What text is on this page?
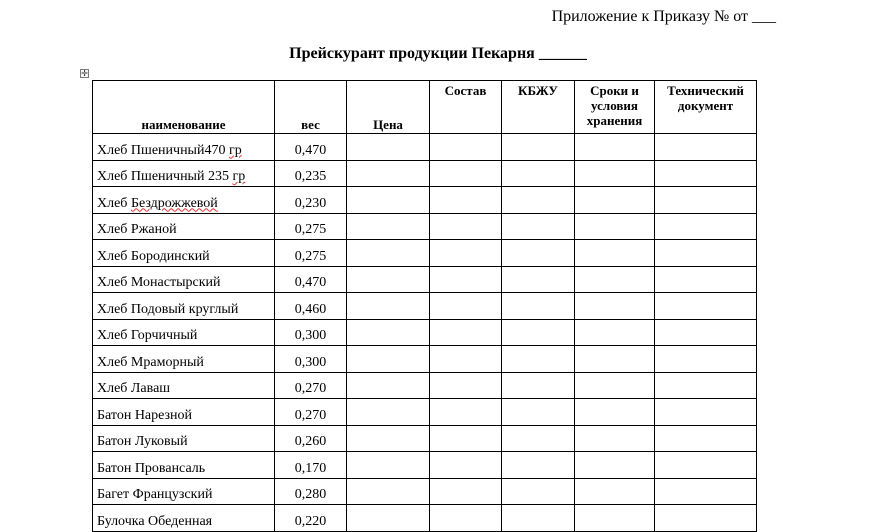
Приложение к Приказу № от ___
Прейскурант продукции Пекарня ______
✛
наименование	вес	Цена	Состав	КБЖУ	Сроки и условия хранения	Технический документ
Хлеб Пшеничный470 гр	0,470					
Хлеб Пшеничный 235 гр	0,235					
Хлеб Бездрожжевой	0,230					
Хлеб Ржаной	0,275					
Хлеб Бородинский	0,275					
Хлеб Монастырский	0,470					
Хлеб Подовый круглый	0,460					
Хлеб Горчичный	0,300					
Хлеб Мраморный	0,300					
Хлеб Лаваш	0,270					
Батон Нарезной	0,270					
Батон Луковый	0,260					
Батон Провансаль	0,170					
Багет Французский	0,280					
Булочка Обеденная	0,220					
